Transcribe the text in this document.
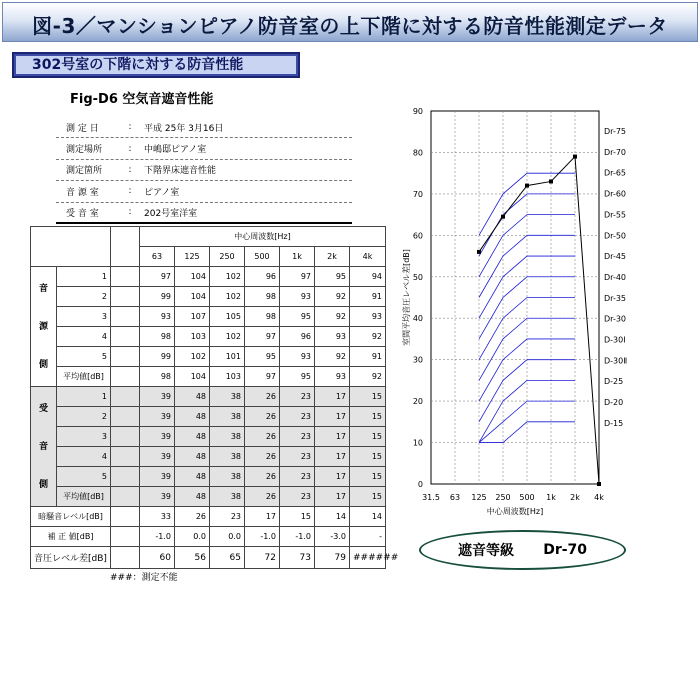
図-3／マンションピアノ防音室の上下階に対する防音性能測定データ
302号室の下階に対する防音性能
Fig-D6 空気音遮音性能
測 定 日	:	平成 25年 3月16日
測定場所	:	中嶋邸ピアノ室
測定箇所	:	下階界床遮音性能
音 源 室	:	ピアノ室
受 音 室	:	202号室洋室
			中心周波数[Hz]						
			63	125	250	500	1k	2k	4k

音
源
側	1		97	104	102	96	97	95	94
	2		99	104	102	98	93	92	91
	3		93	107	105	98	95	92	93
	4		98	103	102	97	96	93	92
	5		99	102	101	95	93	92	91
	平均値[dB]		98	104	103	97	95	93	92

受
音
側	1		39	48	38	26	23	17	15
	2		39	48	38	26	23	17	15
	3		39	48	38	26	23	17	15
	4		39	48	38	26	23	17	15
	5		39	48	38	26	23	17	15
	平均値[dB]		39	48	38	26	23	17	15
暗騒音レベル[dB]			33	26	23	17	15	14	14
補 正 値[dB]			-1.0	0.0	0.0	-1.0	-1.0	-3.0	-
音圧レベル差[dB]			60	56	65	72	73	79	######
###：測定不能
Dr-75
Dr-70
Dr-65
Dr-60
Dr-55
Dr-50
Dr-45
Dr-40
Dr-35
Dr-30
D-30Ⅰ
D-30Ⅱ
D-25
D-20
D-15
0
10
20
30
40
50
60
70
80
90
31.5 63 125 250 500 1k 2k 4k
室間平均音圧レベル差[dB]
中心周波数[Hz]
遮音等級
Dr-70
